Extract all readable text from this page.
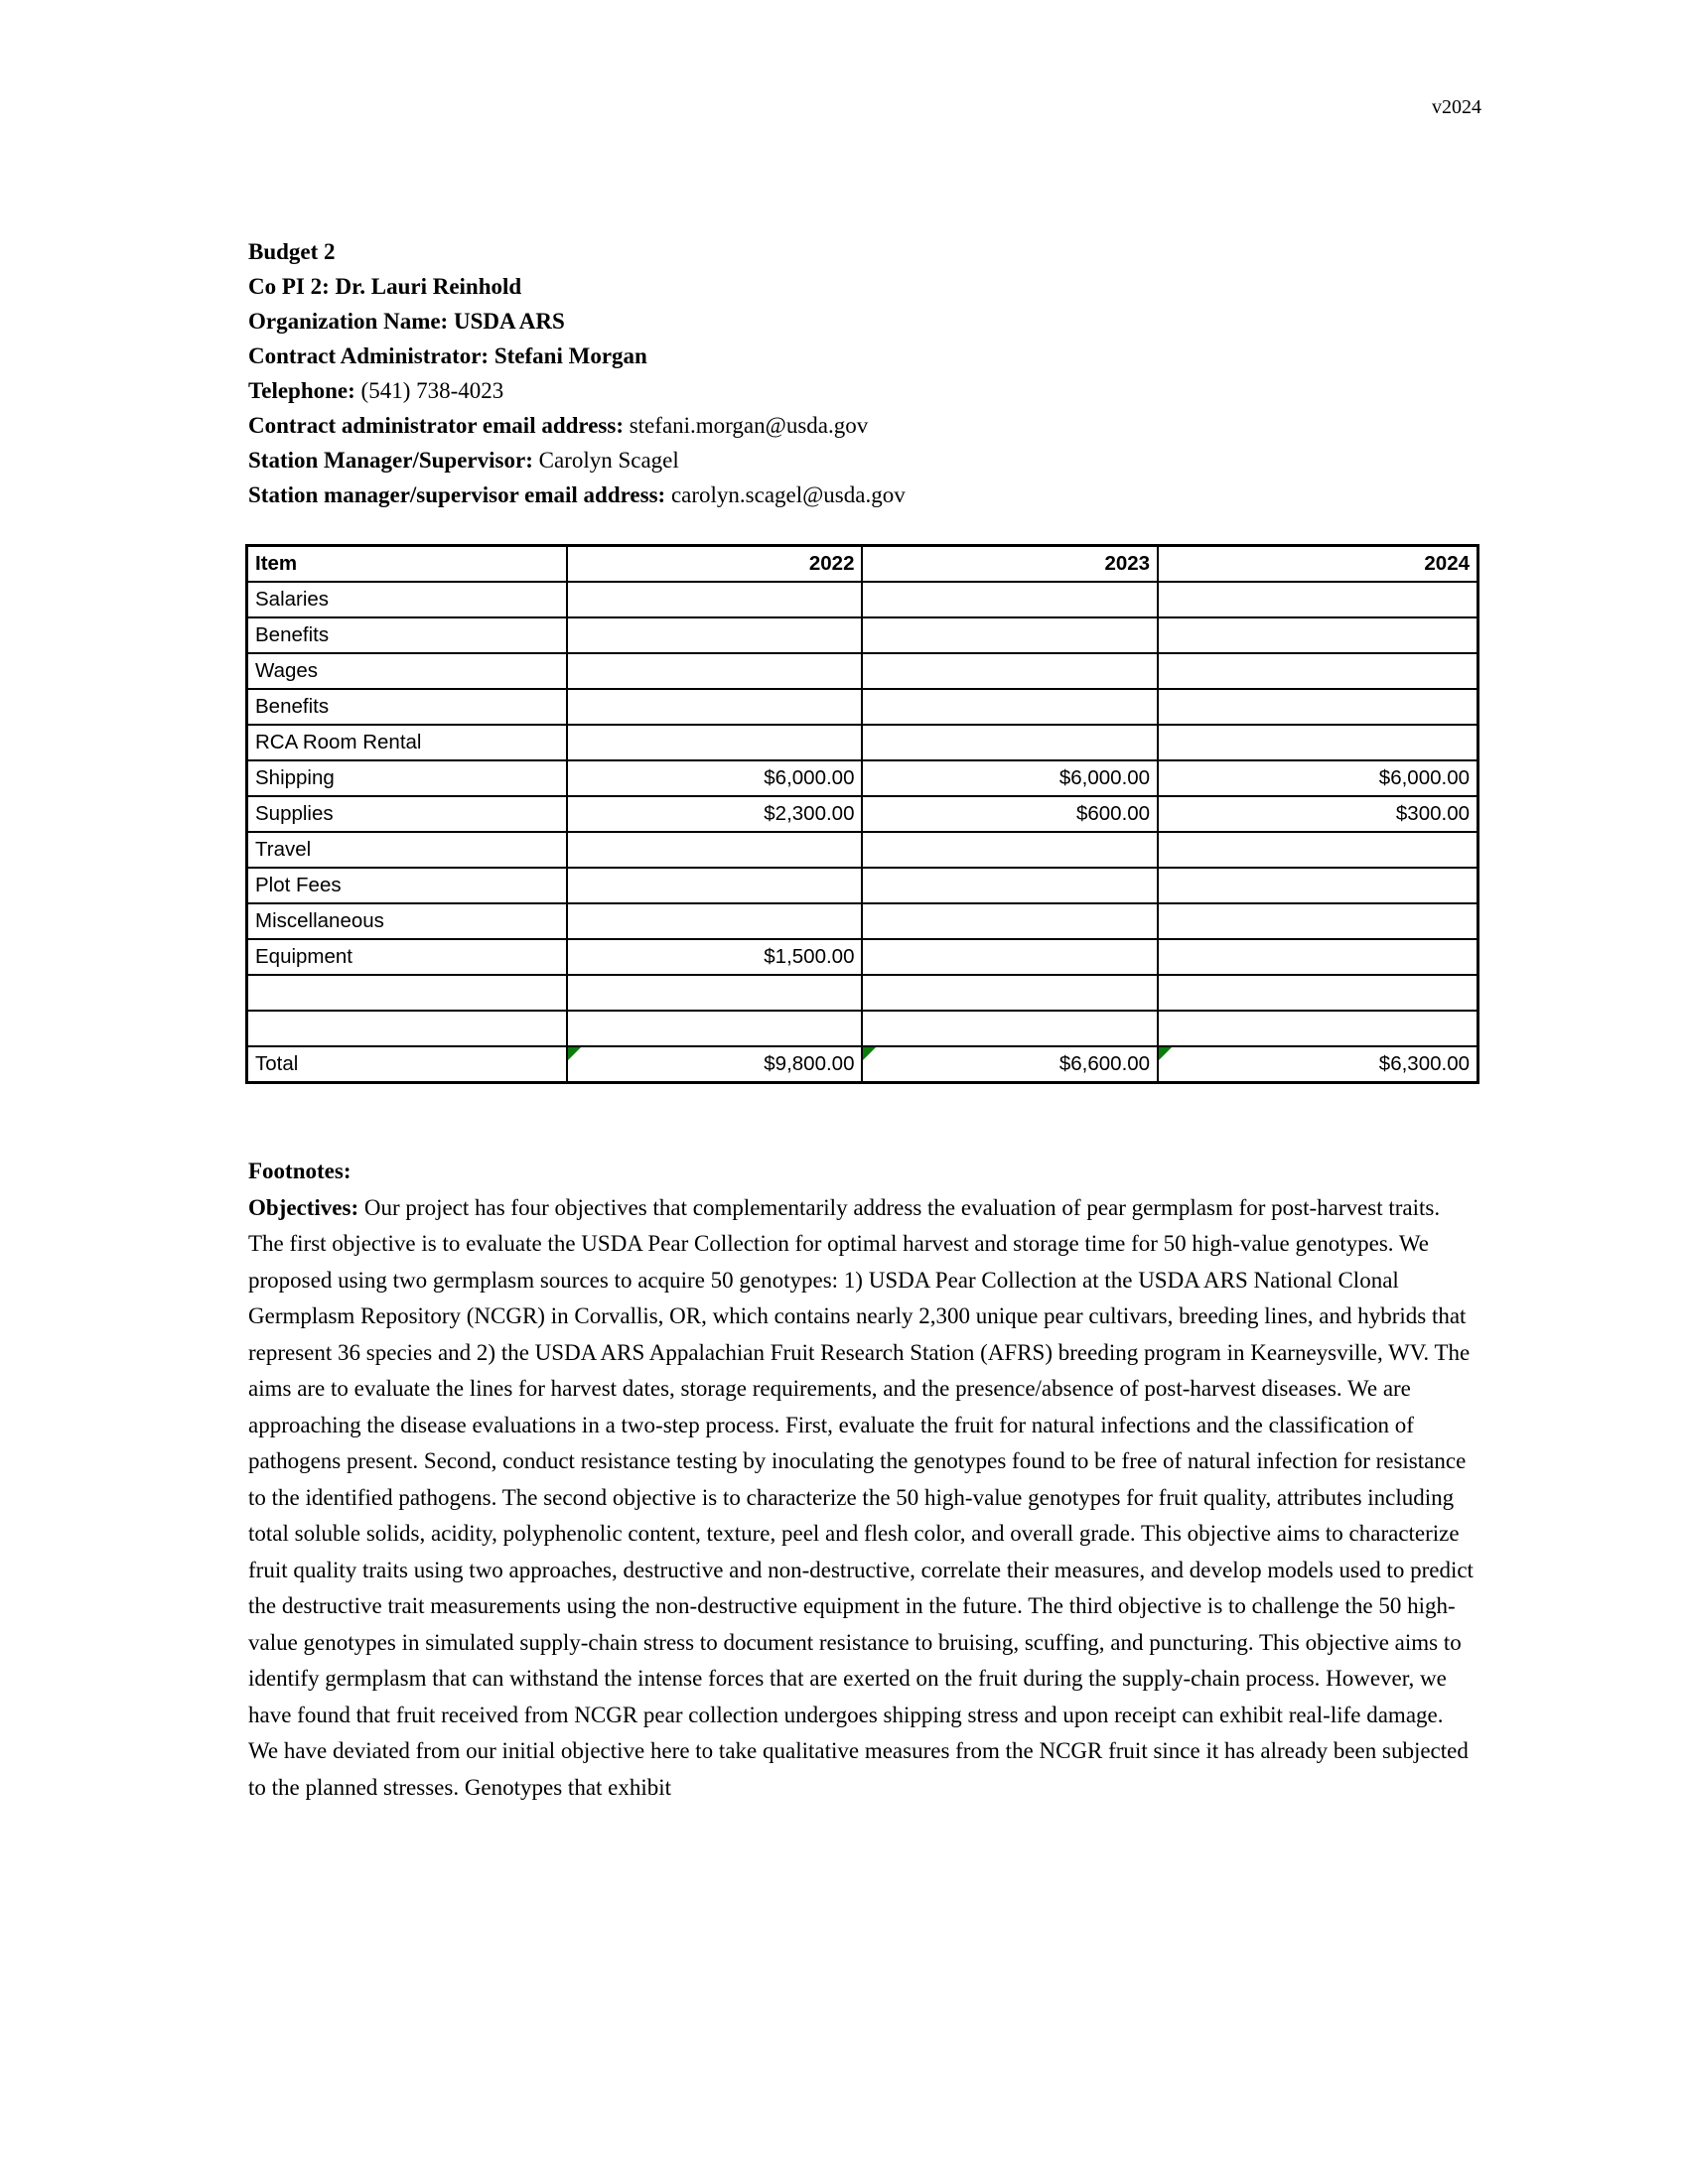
v2024
Budget 2
Co PI 2: Dr. Lauri Reinhold
Organization Name: USDA ARS
Contract Administrator: Stefani Morgan
Telephone: (541) 738-4023
Contract administrator email address: stefani.morgan@usda.gov
Station Manager/Supervisor: Carolyn Scagel
Station manager/supervisor email address: carolyn.scagel@usda.gov
Item	2022	2023	2024
Salaries			
Benefits			
Wages			
Benefits			
RCA Room Rental			
Shipping	$6,000.00	$6,000.00	$6,000.00
Supplies	$2,300.00	$600.00	$300.00
Travel			
Plot Fees			
Miscellaneous			
Equipment	$1,500.00		

Total	$9,800.00	$6,600.00	$6,300.00
Footnotes:

Objectives: Our project has four objectives that complementarily address the evaluation of pear germplasm for post-harvest traits. The first objective is to evaluate the USDA Pear Collection for optimal harvest and storage time for 50 high-value genotypes. We proposed using two germplasm sources to acquire 50 genotypes: 1) USDA Pear Collection at the USDA ARS National Clonal Germplasm Repository (NCGR) in Corvallis, OR, which contains nearly 2,300 unique pear cultivars, breeding lines, and hybrids that represent 36 species and 2) the USDA ARS Appalachian Fruit Research Station (AFRS) breeding program in Kearneysville, WV. The aims are to evaluate the lines for harvest dates, storage requirements, and the presence/absence of post-harvest diseases. We are approaching the disease evaluations in a two-step process. First, evaluate the fruit for natural infections and the classification of pathogens present. Second, conduct resistance testing by inoculating the genotypes found to be free of natural infection for resistance to the identified pathogens. The second objective is to characterize the 50 high-value genotypes for fruit quality, attributes including total soluble solids, acidity, polyphenolic content, texture, peel and flesh color, and overall grade. This objective aims to characterize fruit quality traits using two approaches, destructive and non-destructive, correlate their measures, and develop models used to predict the destructive trait measurements using the non-destructive equipment in the future. The third objective is to challenge the 50 high-value genotypes in simulated supply-chain stress to document resistance to bruising, scuffing, and puncturing. This objective aims to identify germplasm that can withstand the intense forces that are exerted on the fruit during the supply-chain process. However, we have found that fruit received from NCGR pear collection undergoes shipping stress and upon receipt can exhibit real-life damage. We have deviated from our initial objective here to take qualitative measures from the NCGR fruit since it has already been subjected to the planned stresses. Genotypes that exhibit
